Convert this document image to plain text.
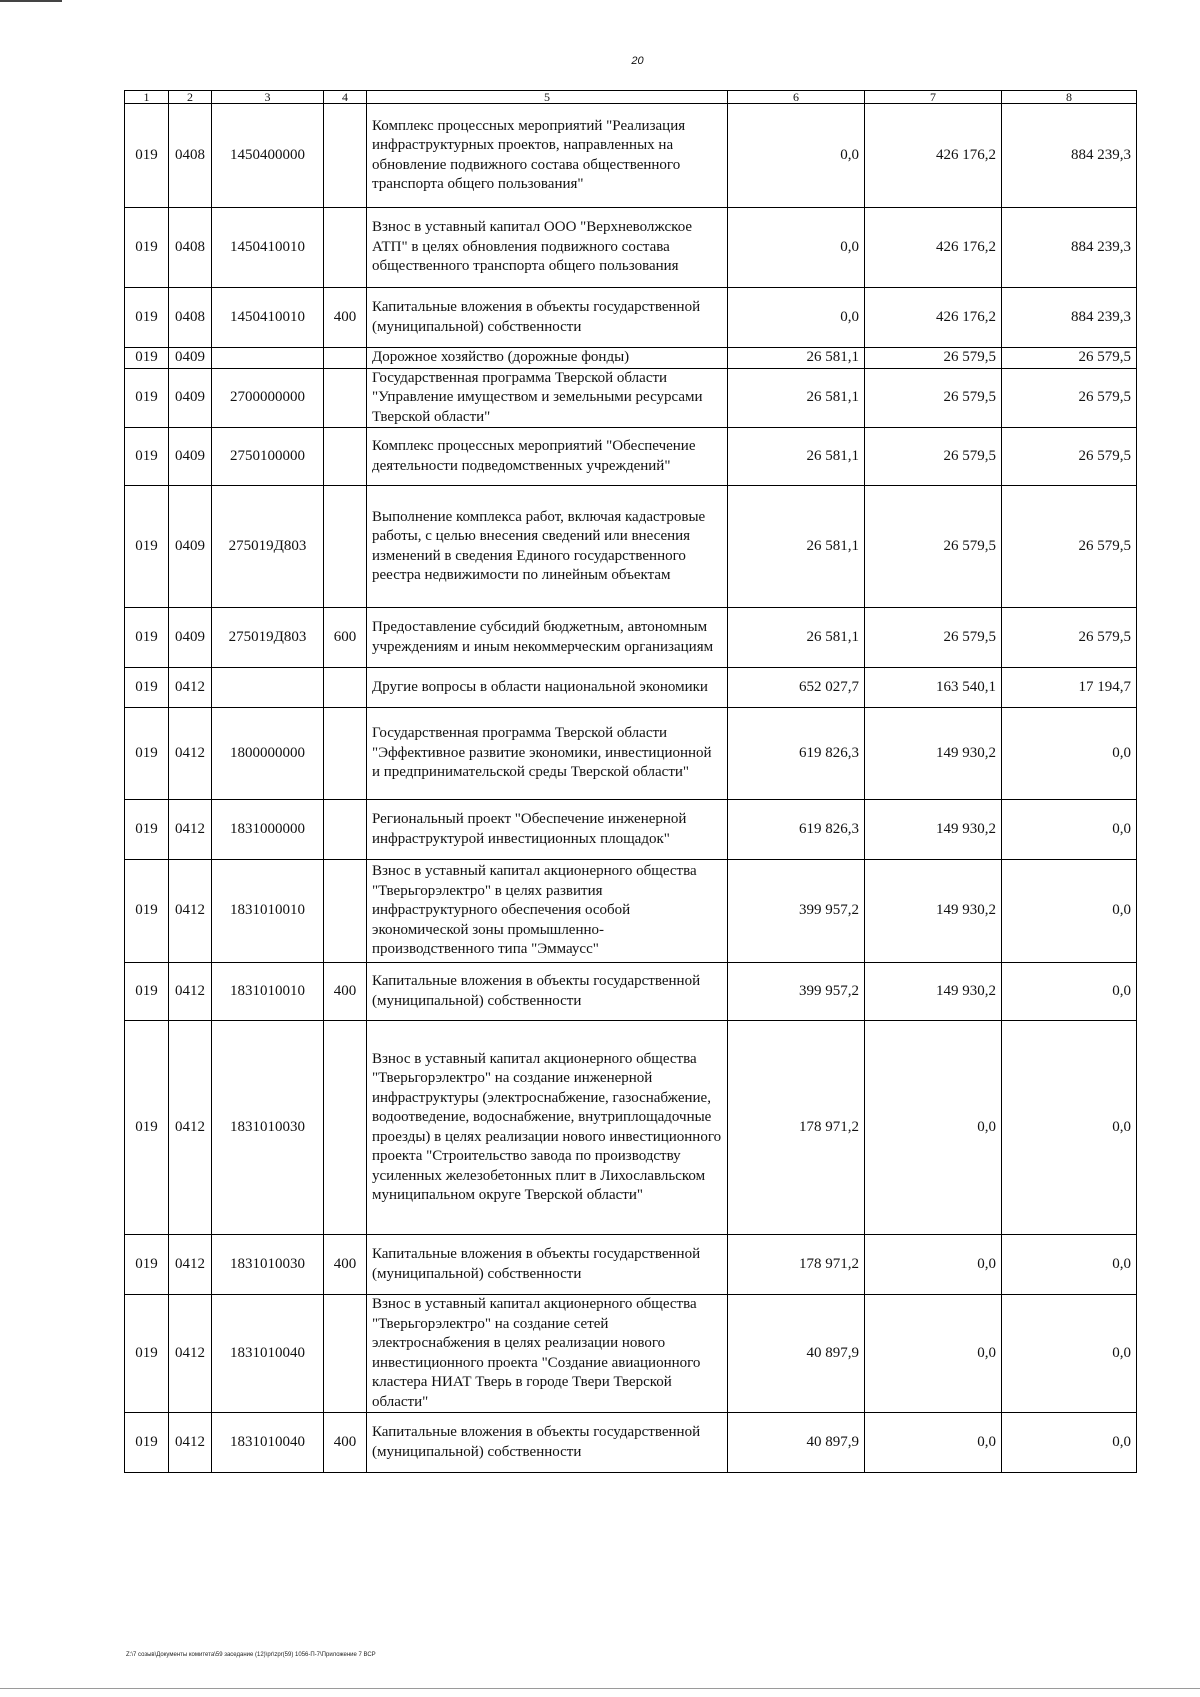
20
1	2	3	4	5	6	7	8
019	0408	1450400000		Комплекс процессных мероприятий "Реализация инфраструктурных проектов, направленных на обновление подвижного состава общественного транспорта общего пользования"	0,0	426 176,2	884 239,3
019	0408	1450410010		Взнос в уставный капитал ООО "Верхневолжское АТП" в целях обновления подвижного состава общественного транспорта общего пользования	0,0	426 176,2	884 239,3
019	0408	1450410010	400	Капитальные вложения в объекты государственной (муниципальной) собственности	0,0	426 176,2	884 239,3
019	0409			Дорожное хозяйство (дорожные фонды)	26 581,1	26 579,5	26 579,5
019	0409	2700000000		Государственная программа Тверской области "Управление имуществом и земельными ресурсами Тверской области"	26 581,1	26 579,5	26 579,5
019	0409	2750100000		Комплекс процессных мероприятий "Обеспечение деятельности подведомственных учреждений"	26 581,1	26 579,5	26 579,5
019	0409	275019Д803		Выполнение комплекса работ, включая кадастровые работы, с целью внесения сведений или внесения изменений в сведения Единого государственного реестра недвижимости по линейным объектам	26 581,1	26 579,5	26 579,5
019	0409	275019Д803	600	Предоставление субсидий бюджетным, автономным учреждениям и иным некоммерческим организациям	26 581,1	26 579,5	26 579,5
019	0412			Другие вопросы в области национальной экономики	652 027,7	163 540,1	17 194,7
019	0412	1800000000		Государственная программа Тверской области "Эффективное развитие экономики, инвестиционной и предпринимательской среды Тверской области"	619 826,3	149 930,2	0,0
019	0412	1831000000		Региональный проект "Обеспечение инженерной инфраструктурой инвестиционных площадок"	619 826,3	149 930,2	0,0
019	0412	1831010010		Взнос в уставный капитал акционерного общества "Тверьгорэлектро" в целях развития инфраструктурного обеспечения особой экономической зоны промышленно-производственного типа "Эммаусс"	399 957,2	149 930,2	0,0
019	0412	1831010010	400	Капитальные вложения в объекты государственной (муниципальной) собственности	399 957,2	149 930,2	0,0
019	0412	1831010030		Взнос в уставный капитал акционерного общества "Тверьгорэлектро" на создание инженерной инфраструктуры (электроснабжение, газоснабжение, водоотведение, водоснабжение, внутриплощадочные проезды) в целях реализации нового инвестиционного проекта "Строительство завода по производству усиленных железобетонных плит в Лихославльском муниципальном округе Тверской области"	178 971,2	0,0	0,0
019	0412	1831010030	400	Капитальные вложения в объекты государственной (муниципальной) собственности	178 971,2	0,0	0,0
019	0412	1831010040		Взнос в уставный капитал акционерного общества "Тверьгорэлектро" на создание сетей электроснабжения в целях реализации нового инвестиционного проекта "Создание авиационного кластера НИАТ Тверь в городе Твери Тверской области"	40 897,9	0,0	0,0
019	0412	1831010040	400	Капитальные вложения в объекты государственной (муниципальной) собственности	40 897,9	0,0	0,0
Z:\7 созыв\Документы комитета\59 заседание (12)\pr\zpr(59) 1056-П-7\Приложение 7 ВСР
